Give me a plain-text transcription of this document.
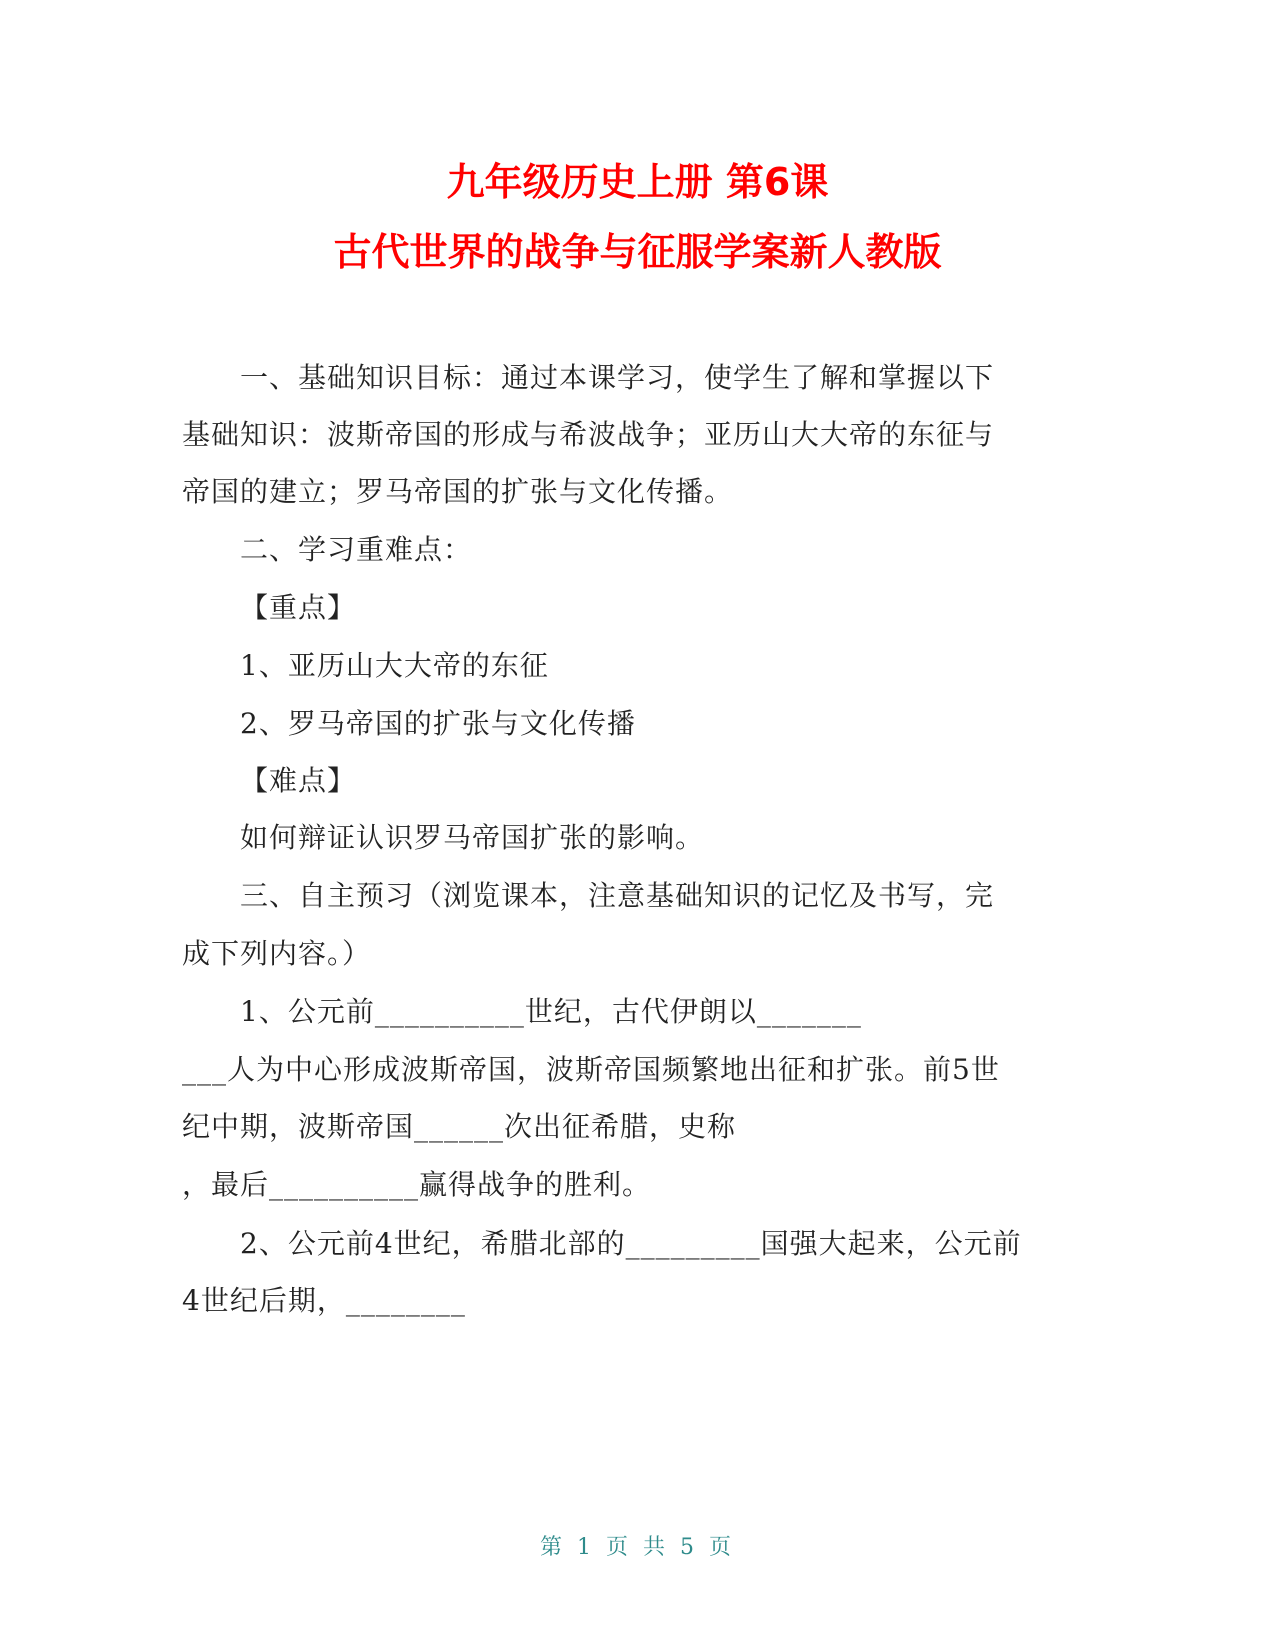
九年级历史上册 第6课
古代世界的战争与征服学案新人教版
一、基础知识目标：通过本课学习，使学生了解和掌握以下
基础知识：波斯帝国的形成与希波战争；亚历山大大帝的东征与
帝国的建立；罗马帝国的扩张与文化传播。
二、学习重难点：
【重点】
1、亚历山大大帝的东征
2、罗马帝国的扩张与文化传播
【难点】
如何辩证认识罗马帝国扩张的影响。
三、自主预习（浏览课本，注意基础知识的记忆及书写，完
成下列内容。）
1、公元前__________世纪，古代伊朗以_______
___人为中心形成波斯帝国，波斯帝国频繁地出征和扩张。前5世
纪中期，波斯帝国______次出征希腊，史称
，最后__________赢得战争的胜利。
2、公元前4世纪，希腊北部的_________国强大起来，公元前
4世纪后期，________
第 1 页 共 5 页
